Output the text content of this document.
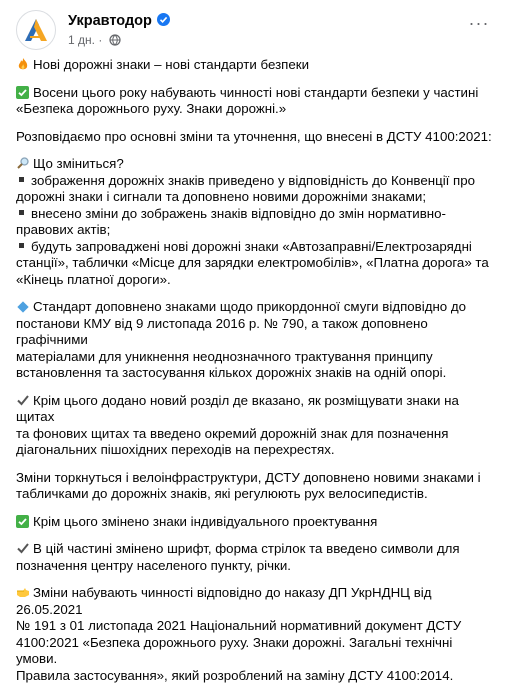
Укравтодор
1 дн. ·
···
Нові дорожні знаки – нові стандарти безпеки
Восени цього року набувають чинності нові стандарти безпеки у частині
«Безпека дорожнього руху. Знаки дорожні.»
Розповідаємо про основні зміни та уточнення, що внесені в ДСТУ 4100:2021:
Що зміниться?
зображення дорожніх знаків приведено у відповідність до Конвенції про
дорожні знаки і сигнали та доповнено новими дорожніми знаками;
внесено зміни до зображень знаків відповідно до змін нормативно-
правових актів;
будуть запроваджені нові дорожні знаки «Автозаправні/Електрозарядні
станції», таблички «Місце для зарядки електромобілів», «Платна дорога» та
«Кінець платної дороги».
Стандарт доповнено знаками щодо прикордонної смуги відповідно до
постанови КМУ від 9 листопада 2016 р. № 790, а також доповнено графічними
матеріалами для уникнення неоднозначного трактування принципу
встановлення та застосування кількох дорожніх знаків на одній опорі.
Крім цього додано новий розділ де вказано, як розміщувати знаки на щитах
та фонових щитах та введено окремий дорожній знак для позначення
діагональних пішохідних переходів на перехрестях.
Зміни торкнуться і велоінфраструктури, ДСТУ доповнено новими знаками і
табличками до дорожніх знаків, які регулюють рух велосипедистів.
Крім цього змінено знаки індивідуального проектування
В цій частині змінено шрифт, форма стрілок та введено символи для
позначення центру населеного пункту, річки.
Зміни набувають чинності відповідно до наказу ДП УкрНДНЦ від 26.05.2021
№ 191 з 01 листопада 2021 Національний нормативний документ ДСТУ
4100:2021 «Безпека дорожнього руху. Знаки дорожні. Загальні технічні умови.
Правила застосування», який розроблений на заміну ДСТУ 4100:2014.
